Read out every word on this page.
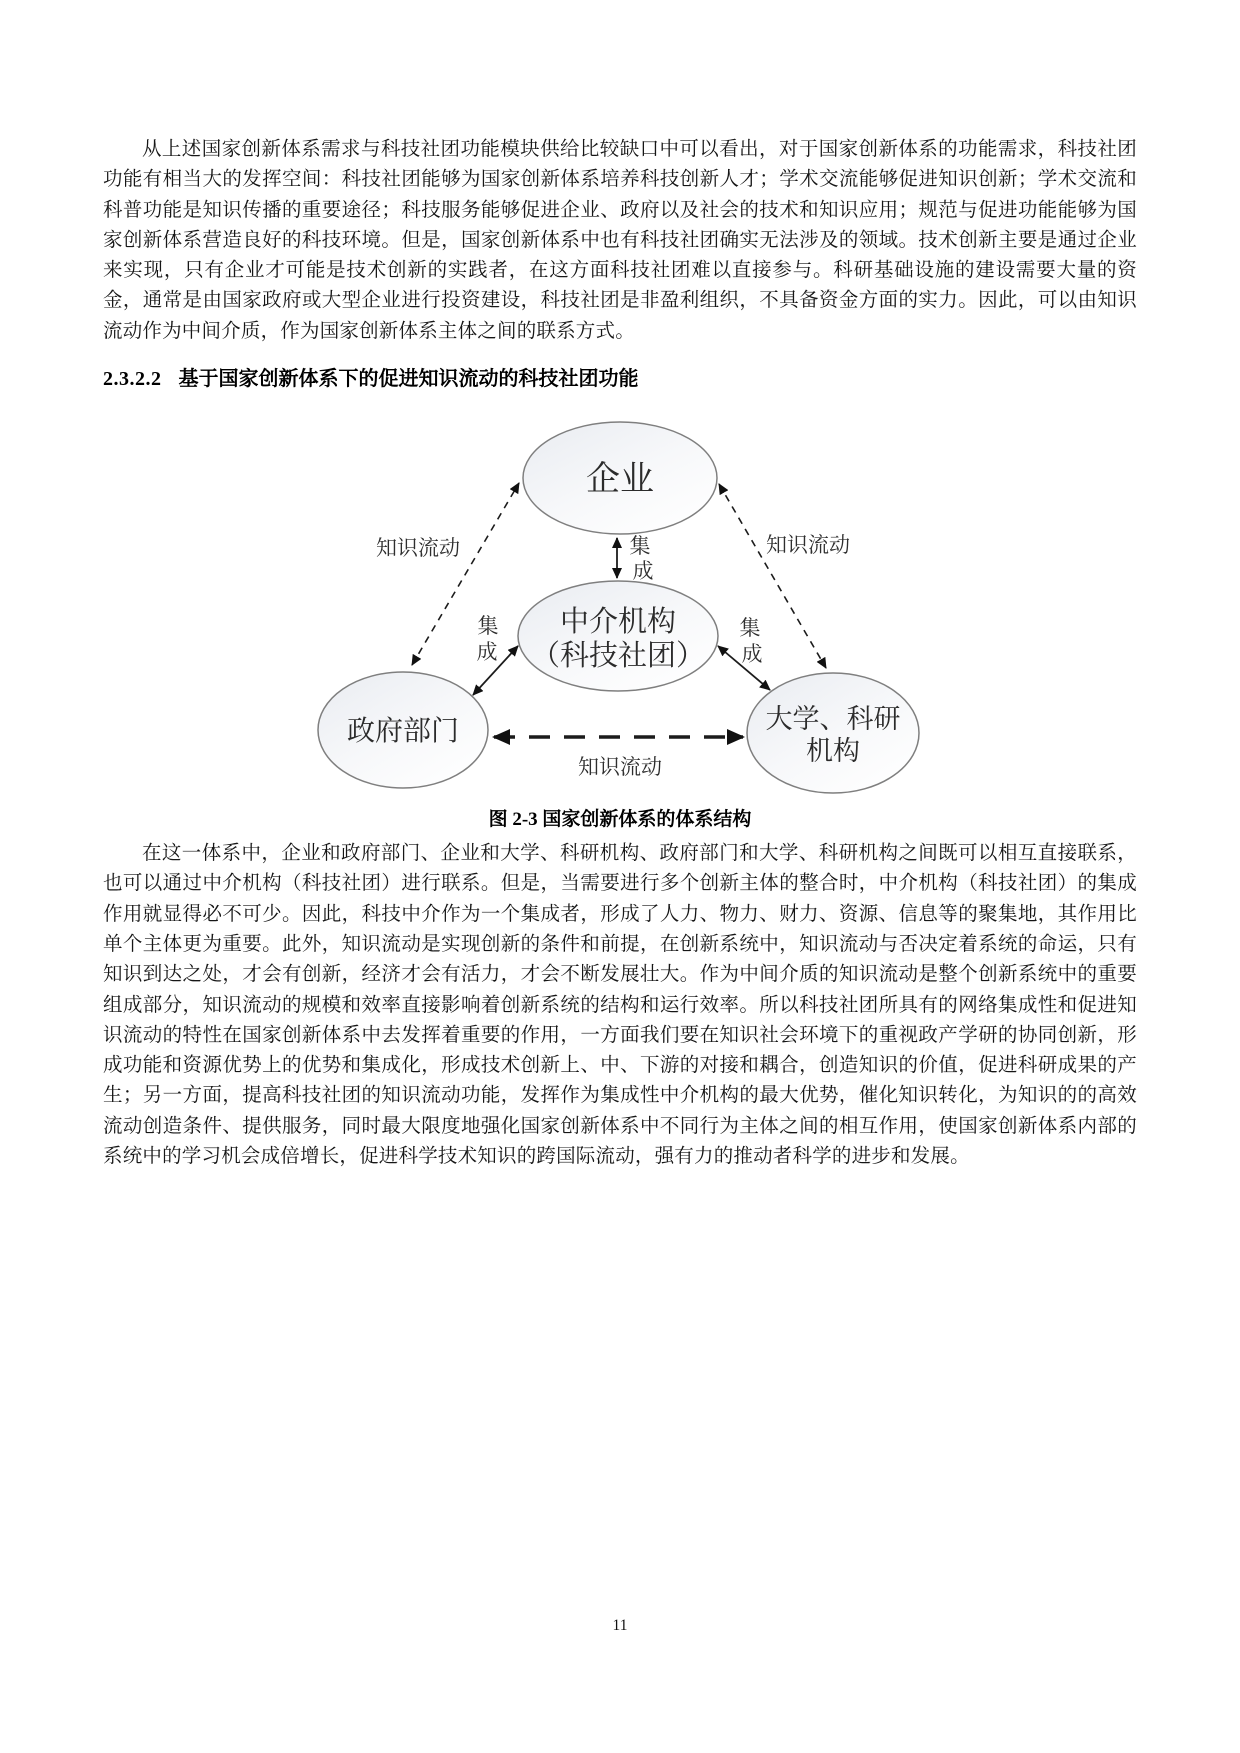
从上述国家创新体系需求与科技社团功能模块供给比较缺口中可以看出，对于国家创新体系的功能需求，科技社团功能有相当大的发挥空间：科技社团能够为国家创新体系培养科技创新人才；学术交流能够促进知识创新；学术交流和科普功能是知识传播的重要途径；科技服务能够促进企业、政府以及社会的技术和知识应用；规范与促进功能能够为国家创新体系营造良好的科技环境。但是，国家创新体系中也有科技社团确实无法涉及的领域。技术创新主要是通过企业来实现，只有企业才可能是技术创新的实践者，在这方面科技社团难以直接参与。科研基础设施的建设需要大量的资金，通常是由国家政府或大型企业进行投资建设，科技社团是非盈利组织，不具备资金方面的实力。因此，可以由知识流动作为中间介质，作为国家创新体系主体之间的联系方式。

2.3.2.2 基于国家创新体系下的促进知识流动的科技社团功能
企业
中介机构
（科技社团）
政府部门	大学、科研
机构
知识流动	知识流动
知识流动
集
成
集
成
集
成
图 2-3 国家创新体系的体系结构

在这一体系中，企业和政府部门、企业和大学、科研机构、政府部门和大学、科研机构之间既可以相互直接联系，也可以通过中介机构（科技社团）进行联系。但是，当需要进行多个创新主体的整合时，中介机构（科技社团）的集成作用就显得必不可少。因此，科技中介作为一个集成者，形成了人力、物力、财力、资源、信息等的聚集地，其作用比单个主体更为重要。此外，知识流动是实现创新的条件和前提，在创新系统中，知识流动与否决定着系统的命运，只有知识到达之处，才会有创新，经济才会有活力，才会不断发展壮大。作为中间介质的知识流动是整个创新系统中的重要组成部分，知识流动的规模和效率直接影响着创新系统的结构和运行效率。所以科技社团所具有的网络集成性和促进知识流动的特性在国家创新体系中去发挥着重要的作用，一方面我们要在知识社会环境下的重视政产学研的协同创新，形成功能和资源优势上的优势和集成化，形成技术创新上、中、下游的对接和耦合，创造知识的价值，促进科研成果的产生；另一方面，提高科技社团的知识流动功能，发挥作为集成性中介机构的最大优势，催化知识转化，为知识的的高效流动创造条件、提供服务，同时最大限度地强化国家创新体系中不同行为主体之间的相互作用，使国家创新体系内部的系统中的学习机会成倍增长，促进科学技术知识的跨国际流动，强有力的推动者科学的进步和发展。

11
